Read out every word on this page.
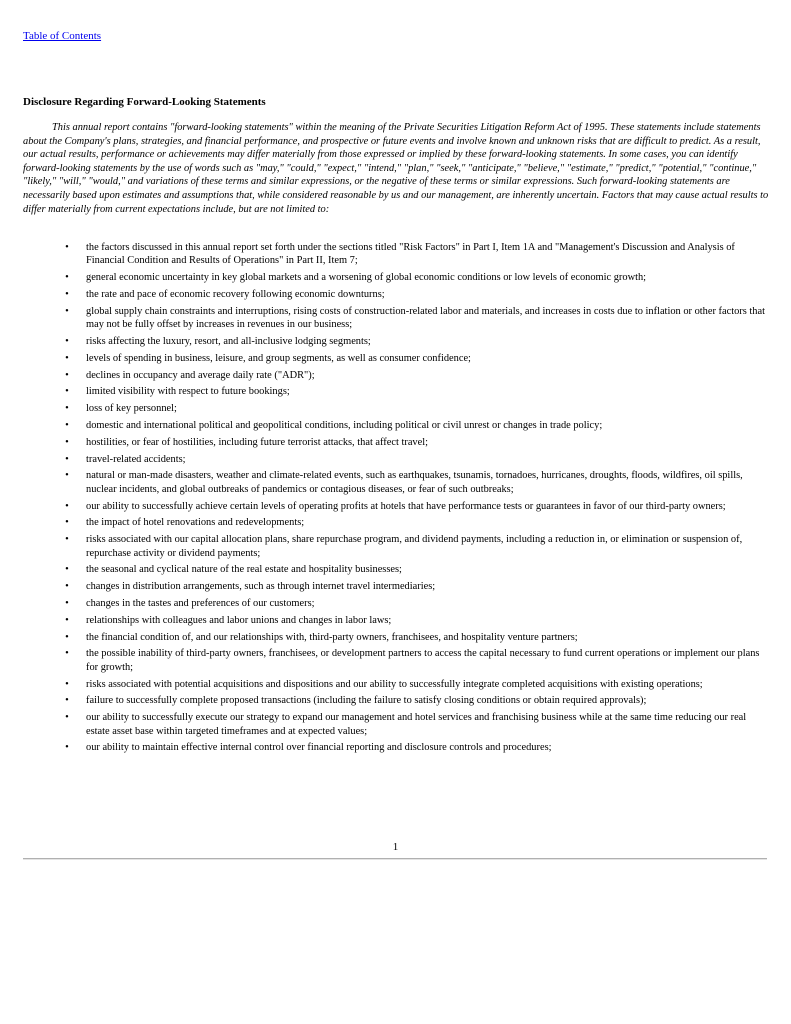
Table of Contents
Disclosure Regarding Forward-Looking Statements

This annual report contains "forward-looking statements" within the meaning of the Private Securities Litigation Reform Act of 1995. These statements include statements about the Company's plans, strategies, and financial performance, and prospective or future events and involve known and unknown risks that are difficult to predict. As a result, our actual results, performance or achievements may differ materially from those expressed or implied by these forward-looking statements. In some cases, you can identify forward-looking statements by the use of words such as "may," "could," "expect," "intend," "plan," "seek," "anticipate," "believe," "estimate," "predict," "potential," "continue," "likely," "will," "would," and variations of these terms and similar expressions, or the negative of these terms or similar expressions. Such forward-looking statements are necessarily based upon estimates and assumptions that, while considered reasonable by us and our management, are inherently uncertain. Factors that may cause actual results to differ materially from current expectations include, but are not limited to:

• the factors discussed in this annual report set forth under the sections titled "Risk Factors" in Part I, Item 1A and "Management's Discussion and Analysis of Financial Condition and Results of Operations" in Part II, Item 7;
• general economic uncertainty in key global markets and a worsening of global economic conditions or low levels of economic growth;
• the rate and pace of economic recovery following economic downturns;
• global supply chain constraints and interruptions, rising costs of construction-related labor and materials, and increases in costs due to inflation or other factors that may not be fully offset by increases in revenues in our business;
• risks affecting the luxury, resort, and all-inclusive lodging segments;
• levels of spending in business, leisure, and group segments, as well as consumer confidence;
• declines in occupancy and average daily rate ("ADR");
• limited visibility with respect to future bookings;
• loss of key personnel;
• domestic and international political and geopolitical conditions, including political or civil unrest or changes in trade policy;
• hostilities, or fear of hostilities, including future terrorist attacks, that affect travel;
• travel-related accidents;
• natural or man-made disasters, weather and climate-related events, such as earthquakes, tsunamis, tornadoes, hurricanes, droughts, floods, wildfires, oil spills, nuclear incidents, and global outbreaks of pandemics or contagious diseases, or fear of such outbreaks;
• our ability to successfully achieve certain levels of operating profits at hotels that have performance tests or guarantees in favor of our third-party owners;
• the impact of hotel renovations and redevelopments;
• risks associated with our capital allocation plans, share repurchase program, and dividend payments, including a reduction in, or elimination or suspension of, repurchase activity or dividend payments;
• the seasonal and cyclical nature of the real estate and hospitality businesses;
• changes in distribution arrangements, such as through internet travel intermediaries;
• changes in the tastes and preferences of our customers;
• relationships with colleagues and labor unions and changes in labor laws;
• the financial condition of, and our relationships with, third-party owners, franchisees, and hospitality venture partners;
• the possible inability of third-party owners, franchisees, or development partners to access the capital necessary to fund current operations or implement our plans for growth;
• risks associated with potential acquisitions and dispositions and our ability to successfully integrate completed acquisitions with existing operations;
• failure to successfully complete proposed transactions (including the failure to satisfy closing conditions or obtain required approvals);
• our ability to successfully execute our strategy to expand our management and hotel services and franchising business while at the same time reducing our real estate asset base within targeted timeframes and at expected values;
• our ability to maintain effective internal control over financial reporting and disclosure controls and procedures;
1
